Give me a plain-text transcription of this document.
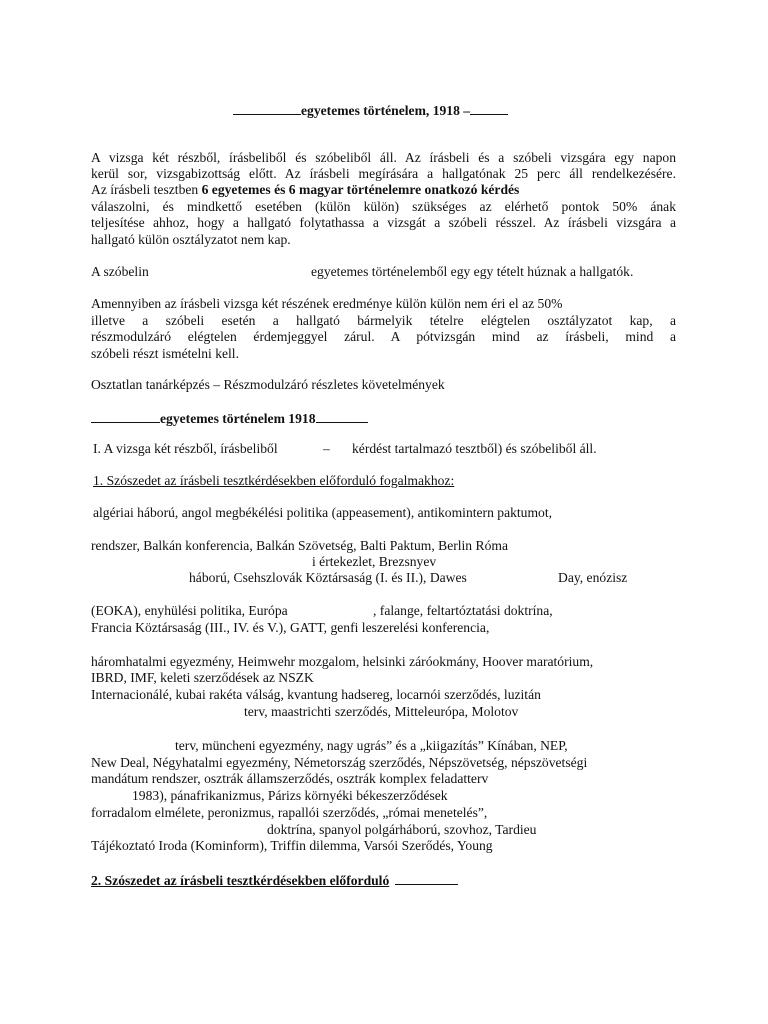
egyetemes történelem, 1918 –
A vizsga két részből, írásbeliből és szóbeliből áll. Az írásbeli és a szóbeli vizsgára egy napon
kerül sor, vizsgabizottság előtt. Az írásbeli megírására a hallgatónak 25 perc áll rendelkezésére.
Az írásbeli tesztben 6 egyetemes és 6 magyar történelemre onatkozó kérdés
válaszolni, és mindkettő esetében (külön külön) szükséges az elérhető pontok 50% ának
teljesítése ahhoz, hogy a hallgató folytathassa a vizsgát a szóbeli résszel. Az írásbeli vizsgára a
hallgató külön osztályzatot nem kap.
A szóbelin	egyetemes történelemből egy egy tételt húznak a hallgatók.
Amennyiben az írásbeli vizsga két részének eredménye külön külön nem éri el az 50%
illetve a szóbeli esetén a hallgató bármelyik tételre elégtelen osztályzatot kap, a
részmodulzáró elégtelen érdemjeggyel zárul. A pótvizsgán mind az írásbeli, mind a
szóbeli részt ismételni kell.
Osztatlan tanárképzés – Részmodulzáró részletes követelmények
egyetemes történelem 1918
I. A vizsga két részből, írásbeliből	– kérdést tartalmazó tesztből) és szóbeliből áll.
1. Szószedet az írásbeli tesztkérdésekben előforduló fogalmakhoz:
algériai háború, angol megbékélési politika (appeasement), antikomintern paktumot,
rendszer, Balkán konferencia, Balkán Szövetség, Balti Paktum, Berlin Róma
i értekezlet, Brezsnyev
háború, Csehszlovák Köztársaság (I. és II.), Dawes	Day, enózisz
(EOKA), enyhülési politika, Európa	, falange, feltartóztatási doktrína,
Francia Köztársaság (III., IV. és V.), GATT, genfi leszerelési konferencia,
háromhatalmi egyezmény, Heimwehr mozgalom, helsinki záróokmány, Hoover maratórium,
IBRD, IMF, keleti szerződések az NSZK
Internacionálé, kubai rakéta válság, kvantung hadsereg, locarnói szerződés, luzitán
terv, maastrichti szerződés, Mitteleurópa, Molotov
terv, müncheni egyezmény, nagy ugrás” és a „kiigazítás” Kínában, NEP,
New Deal, Négyhatalmi egyezmény, Németország szerződés, Népszövetség, népszövetségi
mandátum rendszer, osztrák államszerződés, osztrák komplex feladatterv
1983), pánafrikanizmus, Párizs környéki békeszerződések
forradalom elmélete, peronizmus, rapallói szerződés, „római menetelés”,
doktrína, spanyol polgárháború, szovhoz, Tardieu
Tájékoztató Iroda (Kominform), Triffin dilemma, Varsói Szerődés, Young
2. Szószedet az írásbeli tesztkérdésekben előforduló
